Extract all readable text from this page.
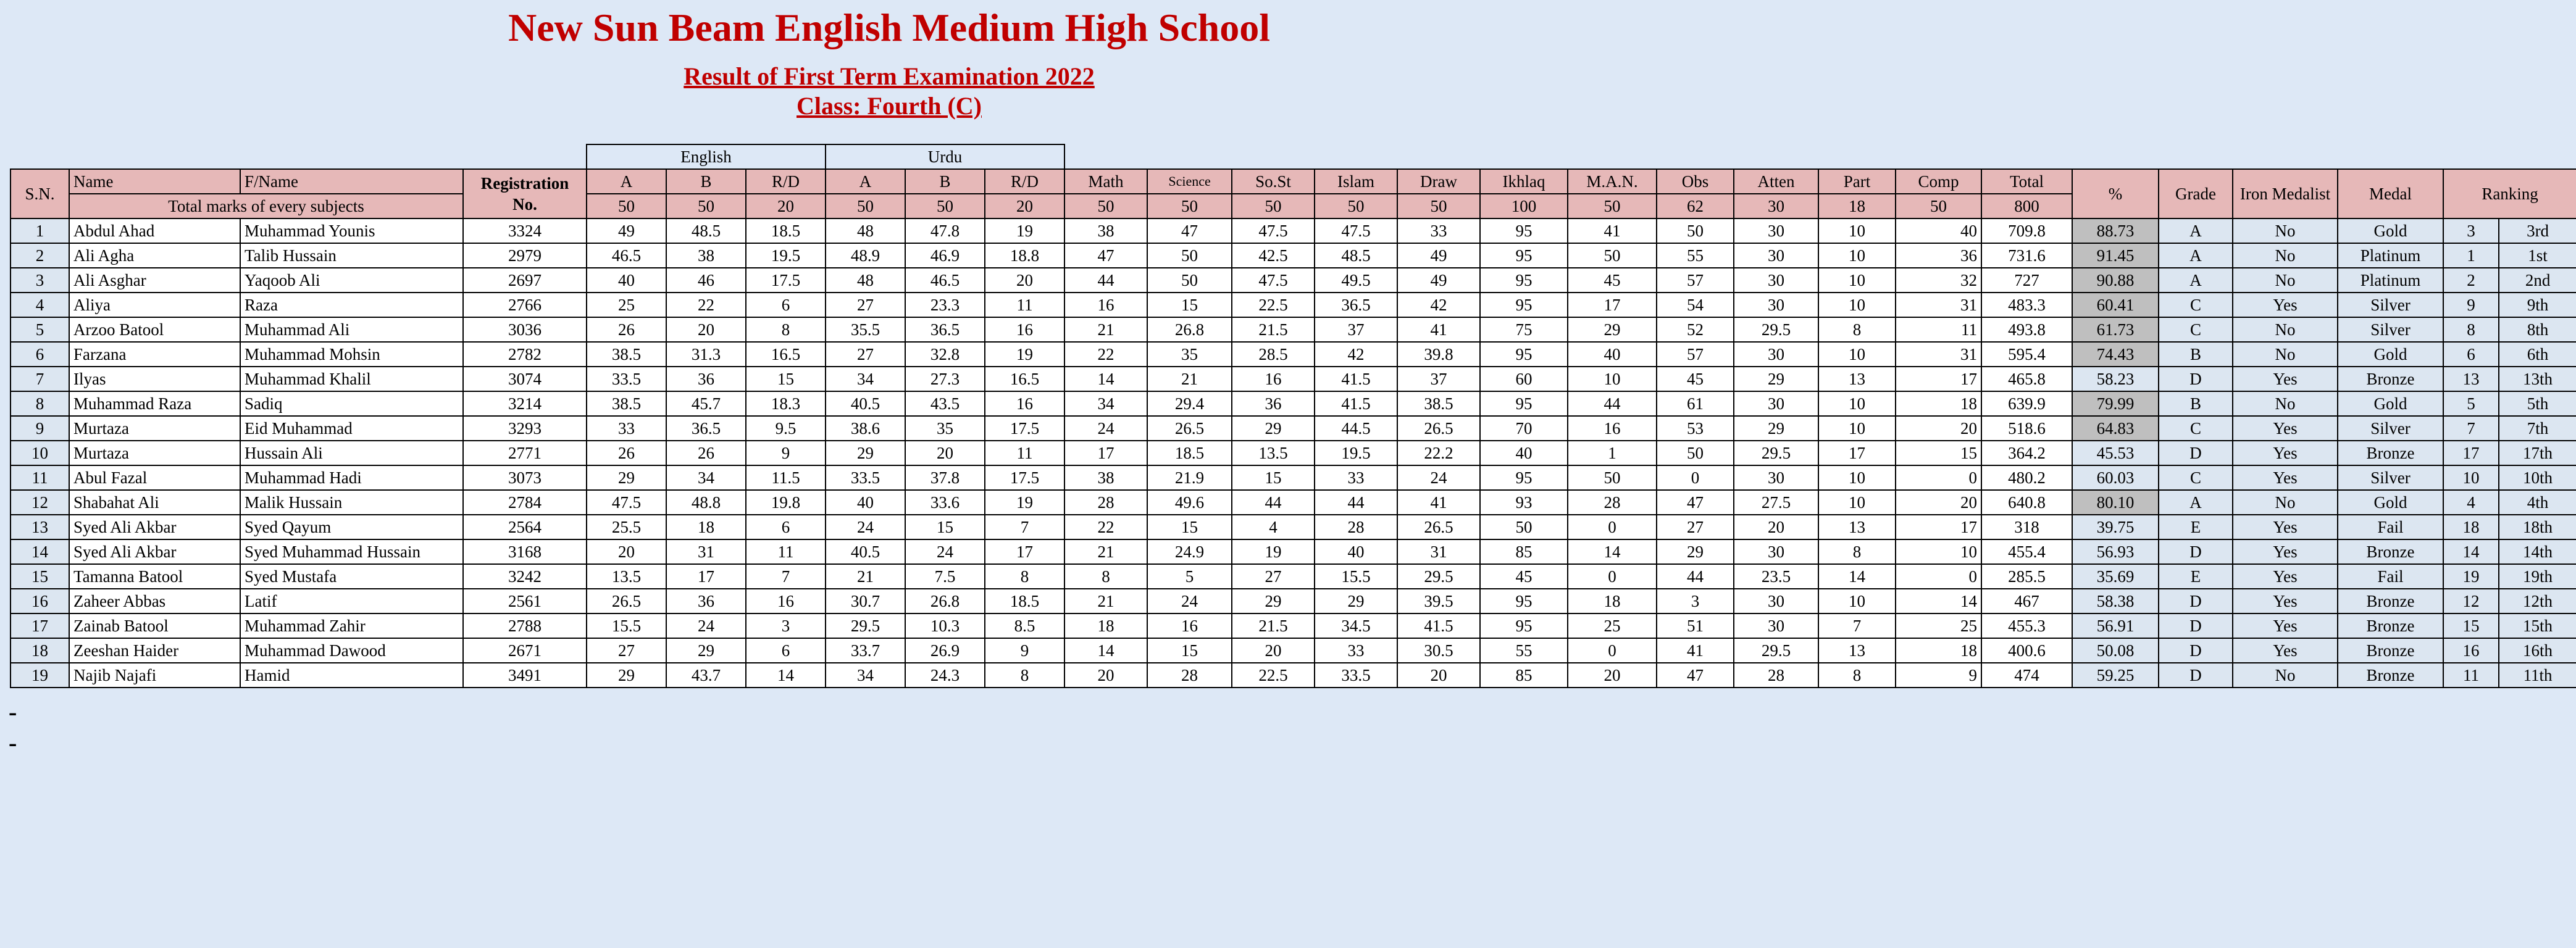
New Sun Beam English Medium High School
Result of First Term Examination 2022
Class: Fourth (C)
				English			Urdu																				
S.N.	Name	F/Name	Registration No.	A	B	R/D	A	B	R/D	Math	Science	So.St	Islam	Draw	Ikhlaq	M.A.N.	Obs	Atten	Part	Comp	Total	%	Grade	Iron Medalist	Medal	Ranking	
	Total marks of every subjects			50	50	20	50	50	20	50	50	50	50	50	100	50	62	30	18	50	800						
1	Abdul Ahad	Muhammad Younis	3324	49	48.5	18.5	48	47.8	19	38	47	47.5	47.5	33	95	41	50	30	10	40	709.8	88.73	A	No	Gold	3	3rd
2	Ali Agha	Talib Hussain	2979	46.5	38	19.5	48.9	46.9	18.8	47	50	42.5	48.5	49	95	50	55	30	10	36	731.6	91.45	A	No	Platinum	1	1st
3	Ali Asghar	Yaqoob Ali	2697	40	46	17.5	48	46.5	20	44	50	47.5	49.5	49	95	45	57	30	10	32	727	90.88	A	No	Platinum	2	2nd
4	Aliya	Raza	2766	25	22	6	27	23.3	11	16	15	22.5	36.5	42	95	17	54	30	10	31	483.3	60.41	C	Yes	Silver	9	9th
5	Arzoo Batool	Muhammad Ali	3036	26	20	8	35.5	36.5	16	21	26.8	21.5	37	41	75	29	52	29.5	8	11	493.8	61.73	C	No	Silver	8	8th
6	Farzana	Muhammad Mohsin	2782	38.5	31.3	16.5	27	32.8	19	22	35	28.5	42	39.8	95	40	57	30	10	31	595.4	74.43	B	No	Gold	6	6th
7	Ilyas	Muhammad Khalil	3074	33.5	36	15	34	27.3	16.5	14	21	16	41.5	37	60	10	45	29	13	17	465.8	58.23	D	Yes	Bronze	13	13th
8	Muhammad Raza	Sadiq	3214	38.5	45.7	18.3	40.5	43.5	16	34	29.4	36	41.5	38.5	95	44	61	30	10	18	639.9	79.99	B	No	Gold	5	5th
9	Murtaza	Eid Muhammad	3293	33	36.5	9.5	38.6	35	17.5	24	26.5	29	44.5	26.5	70	16	53	29	10	20	518.6	64.83	C	Yes	Silver	7	7th
10	Murtaza	Hussain Ali	2771	26	26	9	29	20	11	17	18.5	13.5	19.5	22.2	40	1	50	29.5	17	15	364.2	45.53	D	Yes	Bronze	17	17th
11	Abul Fazal	Muhammad Hadi	3073	29	34	11.5	33.5	37.8	17.5	38	21.9	15	33	24	95	50	0	30	10	0	480.2	60.03	C	Yes	Silver	10	10th
12	Shabahat Ali	Malik Hussain	2784	47.5	48.8	19.8	40	33.6	19	28	49.6	44	44	41	93	28	47	27.5	10	20	640.8	80.10	A	No	Gold	4	4th
13	Syed Ali Akbar	Syed Qayum	2564	25.5	18	6	24	15	7	22	15	4	28	26.5	50	0	27	20	13	17	318	39.75	E	Yes	Fail	18	18th
14	Syed Ali Akbar	Syed Muhammad Hussain	3168	20	31	11	40.5	24	17	21	24.9	19	40	31	85	14	29	30	8	10	455.4	56.93	D	Yes	Bronze	14	14th
15	Tamanna Batool	Syed Mustafa	3242	13.5	17	7	21	7.5	8	8	5	27	15.5	29.5	45	0	44	23.5	14	0	285.5	35.69	E	Yes	Fail	19	19th
16	Zaheer Abbas	Latif	2561	26.5	36	16	30.7	26.8	18.5	21	24	29	29	39.5	95	18	3	30	10	14	467	58.38	D	Yes	Bronze	12	12th
17	Zainab Batool	Muhammad Zahir	2788	15.5	24	3	29.5	10.3	8.5	18	16	21.5	34.5	41.5	95	25	51	30	7	25	455.3	56.91	D	Yes	Bronze	15	15th
18	Zeeshan Haider	Muhammad Dawood	2671	27	29	6	33.7	26.9	9	14	15	20	33	30.5	55	0	41	29.5	13	18	400.6	50.08	D	Yes	Bronze	16	16th
19	Najib Najafi	Hamid	3491	29	43.7	14	34	24.3	8	20	28	22.5	33.5	20	85	20	47	28	8	9	474	59.25	D	No	Bronze	11	11th
-
-
